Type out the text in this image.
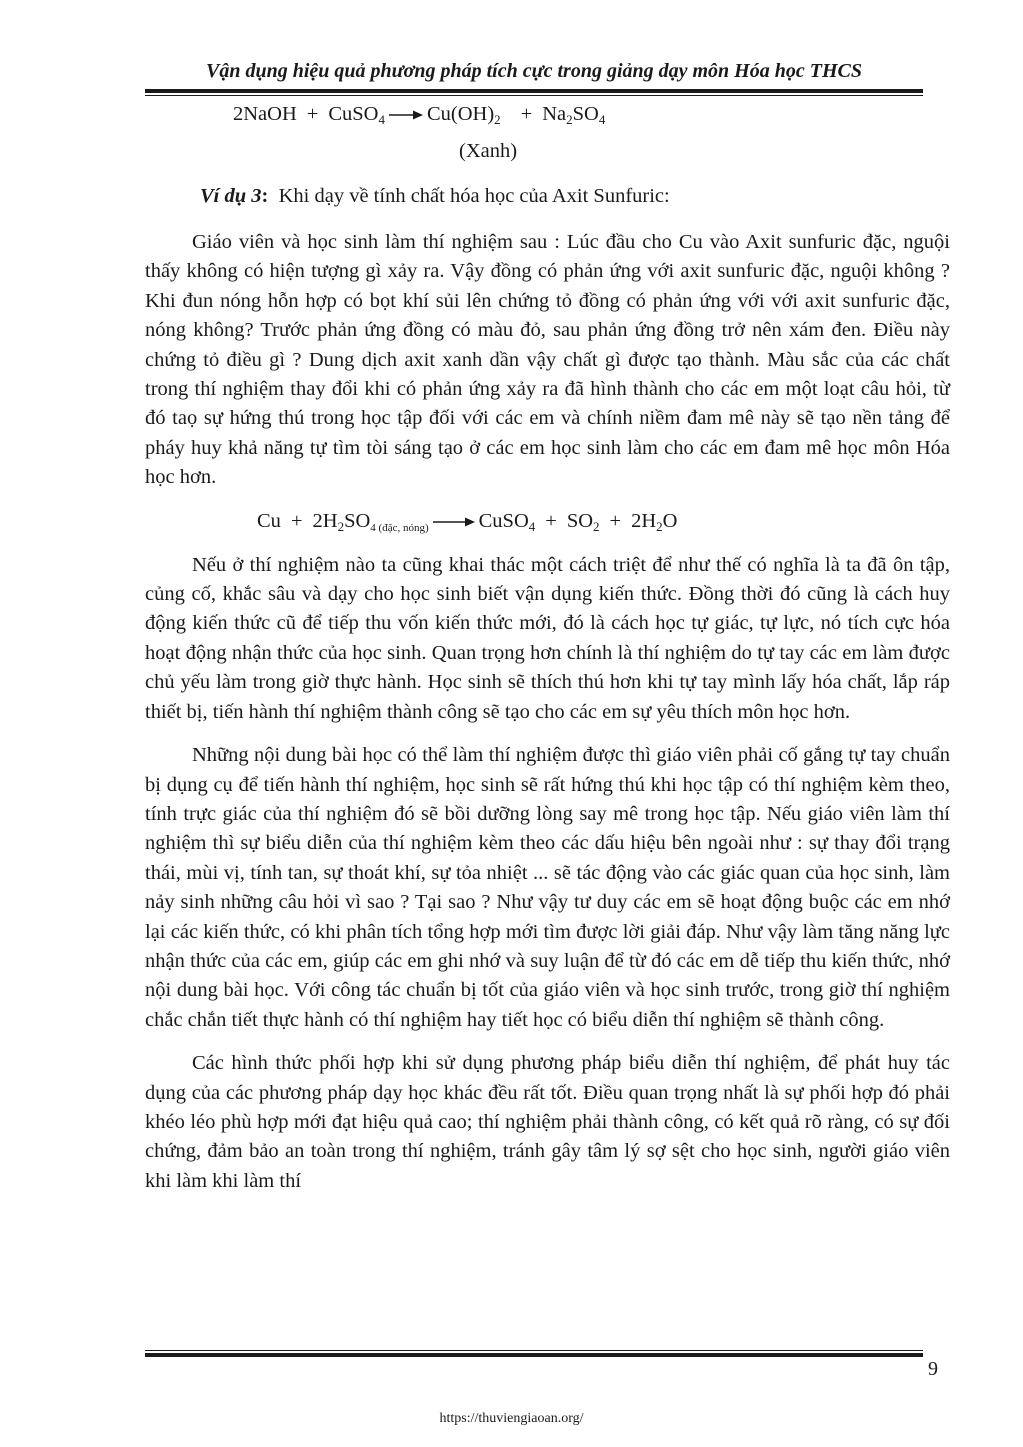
Vận dụng hiệu quả phương pháp tích cực trong giảng dạy môn Hóa học THCS
2NaOH + CuSO$_4$ → $Cu(OH)_2 + Na_2SO_4$
(Xanh)
Ví dụ 3: Khi dạy về tính chất hóa học của Axit Sunfuric:

Giáo viên và học sinh làm thí nghiệm sau : Lúc đầu cho Cu vào Axit sunfuric đặc, nguội thấy không có hiện tượng gì xảy ra. Vậy đồng có phản ứng với axit sunfuric đặc, nguội không ? Khi đun nóng hỗn hợp có bọt khí sủi lên chứng tỏ đồng có phản ứng với với axit sunfuric đặc, nóng không? Trước phản ứng đồng có màu đỏ, sau phản ứng đồng trở nên xám đen. Điều này chứng tỏ điều gì ? Dung dịch axit xanh dần vậy chất gì được tạo thành. Màu sắc của các chất trong thí nghiệm thay đổi khi có phản ứng xảy ra đã hình thành cho các em một loạt câu hỏi, từ đó taọ sự hứng thú trong học tập đối với các em và chính niềm đam mê này sẽ tạo nền tảng để pháy huy khả năng tự tìm tòi sáng tạo ở các em học sinh làm cho các em đam mê học môn Hóa học hơn.

$Cu + 2H_2SO_{4 (đặc, nóng)}$ → CuSO$_4$ + $SO_2 + 2H_2O$

Nếu ở thí nghiệm nào ta cũng khai thác một cách triệt để như thế có nghĩa là ta đã ôn tập, củng cố, khắc sâu và dạy cho học sinh biết vận dụng kiến thức. Đồng thời đó cũng là cách huy động kiến thức cũ để tiếp thu vốn kiến thức mới, đó là cách học tự giác, tự lực, nó tích cực hóa hoạt động nhận thức của học sinh. Quan trọng hơn chính là thí nghiệm do tự tay các em làm được chủ yếu làm trong giờ thực hành. Học sinh sẽ thích thú hơn khi tự tay mình lấy hóa chất, lắp ráp thiết bị, tiến hành thí nghiệm thành công sẽ tạo cho các em sự yêu thích môn học hơn.

Những nội dung bài học có thể làm thí nghiệm được thì giáo viên phải cố gắng tự tay chuẩn bị dụng cụ để tiến hành thí nghiệm, học sinh sẽ rất hứng thú khi học tập có thí nghiệm kèm theo, tính trực giác của thí nghiệm đó sẽ bồi dưỡng lòng say mê trong học tập. Nếu giáo viên làm thí nghiệm thì sự biểu diễn của thí nghiệm kèm theo các dấu hiệu bên ngoài như : sự thay đổi trạng thái, mùi vị, tính tan, sự thoát khí, sự tỏa nhiệt ... sẽ tác động vào các giác quan của học sinh, làm nảy sinh những câu hỏi vì sao ? Tại sao ? Như vậy tư duy các em sẽ hoạt động buộc các em nhớ lại các kiến thức, có khi phân tích tổng hợp mới tìm được lời giải đáp. Như vậy làm tăng năng lực nhận thức của các em, giúp các em ghi nhớ và suy luận để từ đó các em dễ tiếp thu kiến thức, nhớ nội dung bài học. Với công tác chuẩn bị tốt của giáo viên và học sinh trước, trong giờ thí nghiệm chắc chắn tiết thực hành có thí nghiệm hay tiết học có biểu diễn thí nghiệm sẽ thành công.

Các hình thức phối hợp khi sử dụng phương pháp biểu diễn thí nghiệm, để phát huy tác dụng của các phương pháp dạy học khác đều rất tốt. Điều quan trọng nhất là sự phối hợp đó phải khéo léo phù hợp mới đạt hiệu quả cao; thí nghiệm phải thành công, có kết quả rõ ràng, có sự đối chứng, đảm bảo an toàn trong thí nghiệm, tránh gây tâm lý sợ sệt cho học sinh, người giáo viên khi làm khi làm thí

9
https://thuviengiaoan.org/
